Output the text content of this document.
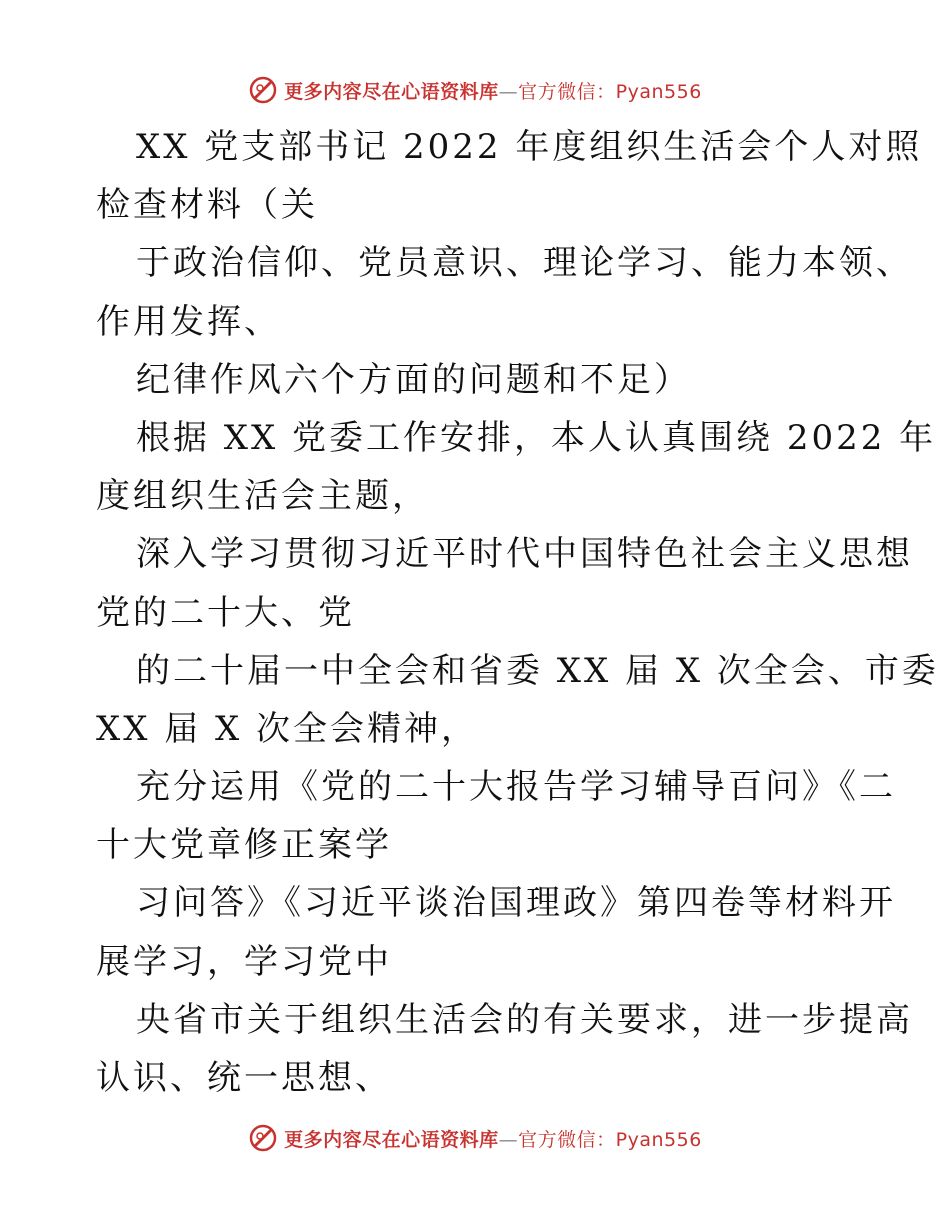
更多内容尽在心语资料库—官方微信：Pyan556
XX 党支部书记 2022 年度组织生活会个人对照
检查材料（关
于政治信仰、党员意识、理论学习、能力本领、
作用发挥、
纪律作风六个方面的问题和不足）
根据 XX 党委工作安排，本人认真围绕 2022 年
度组织生活会主题，
深入学习贯彻习近平时代中国特色社会主义思想
党的二十大、党
的二十届一中全会和省委 XX 届 X 次全会、市委
XX 届 X 次全会精神，
充分运用《党的二十大报告学习辅导百问》《二
十大党章修正案学
习问答》《习近平谈治国理政》第四卷等材料开
展学习，学习党中
央省市关于组织生活会的有关要求，进一步提高
认识、统一思想、
更多内容尽在心语资料库—官方微信：Pyan556
